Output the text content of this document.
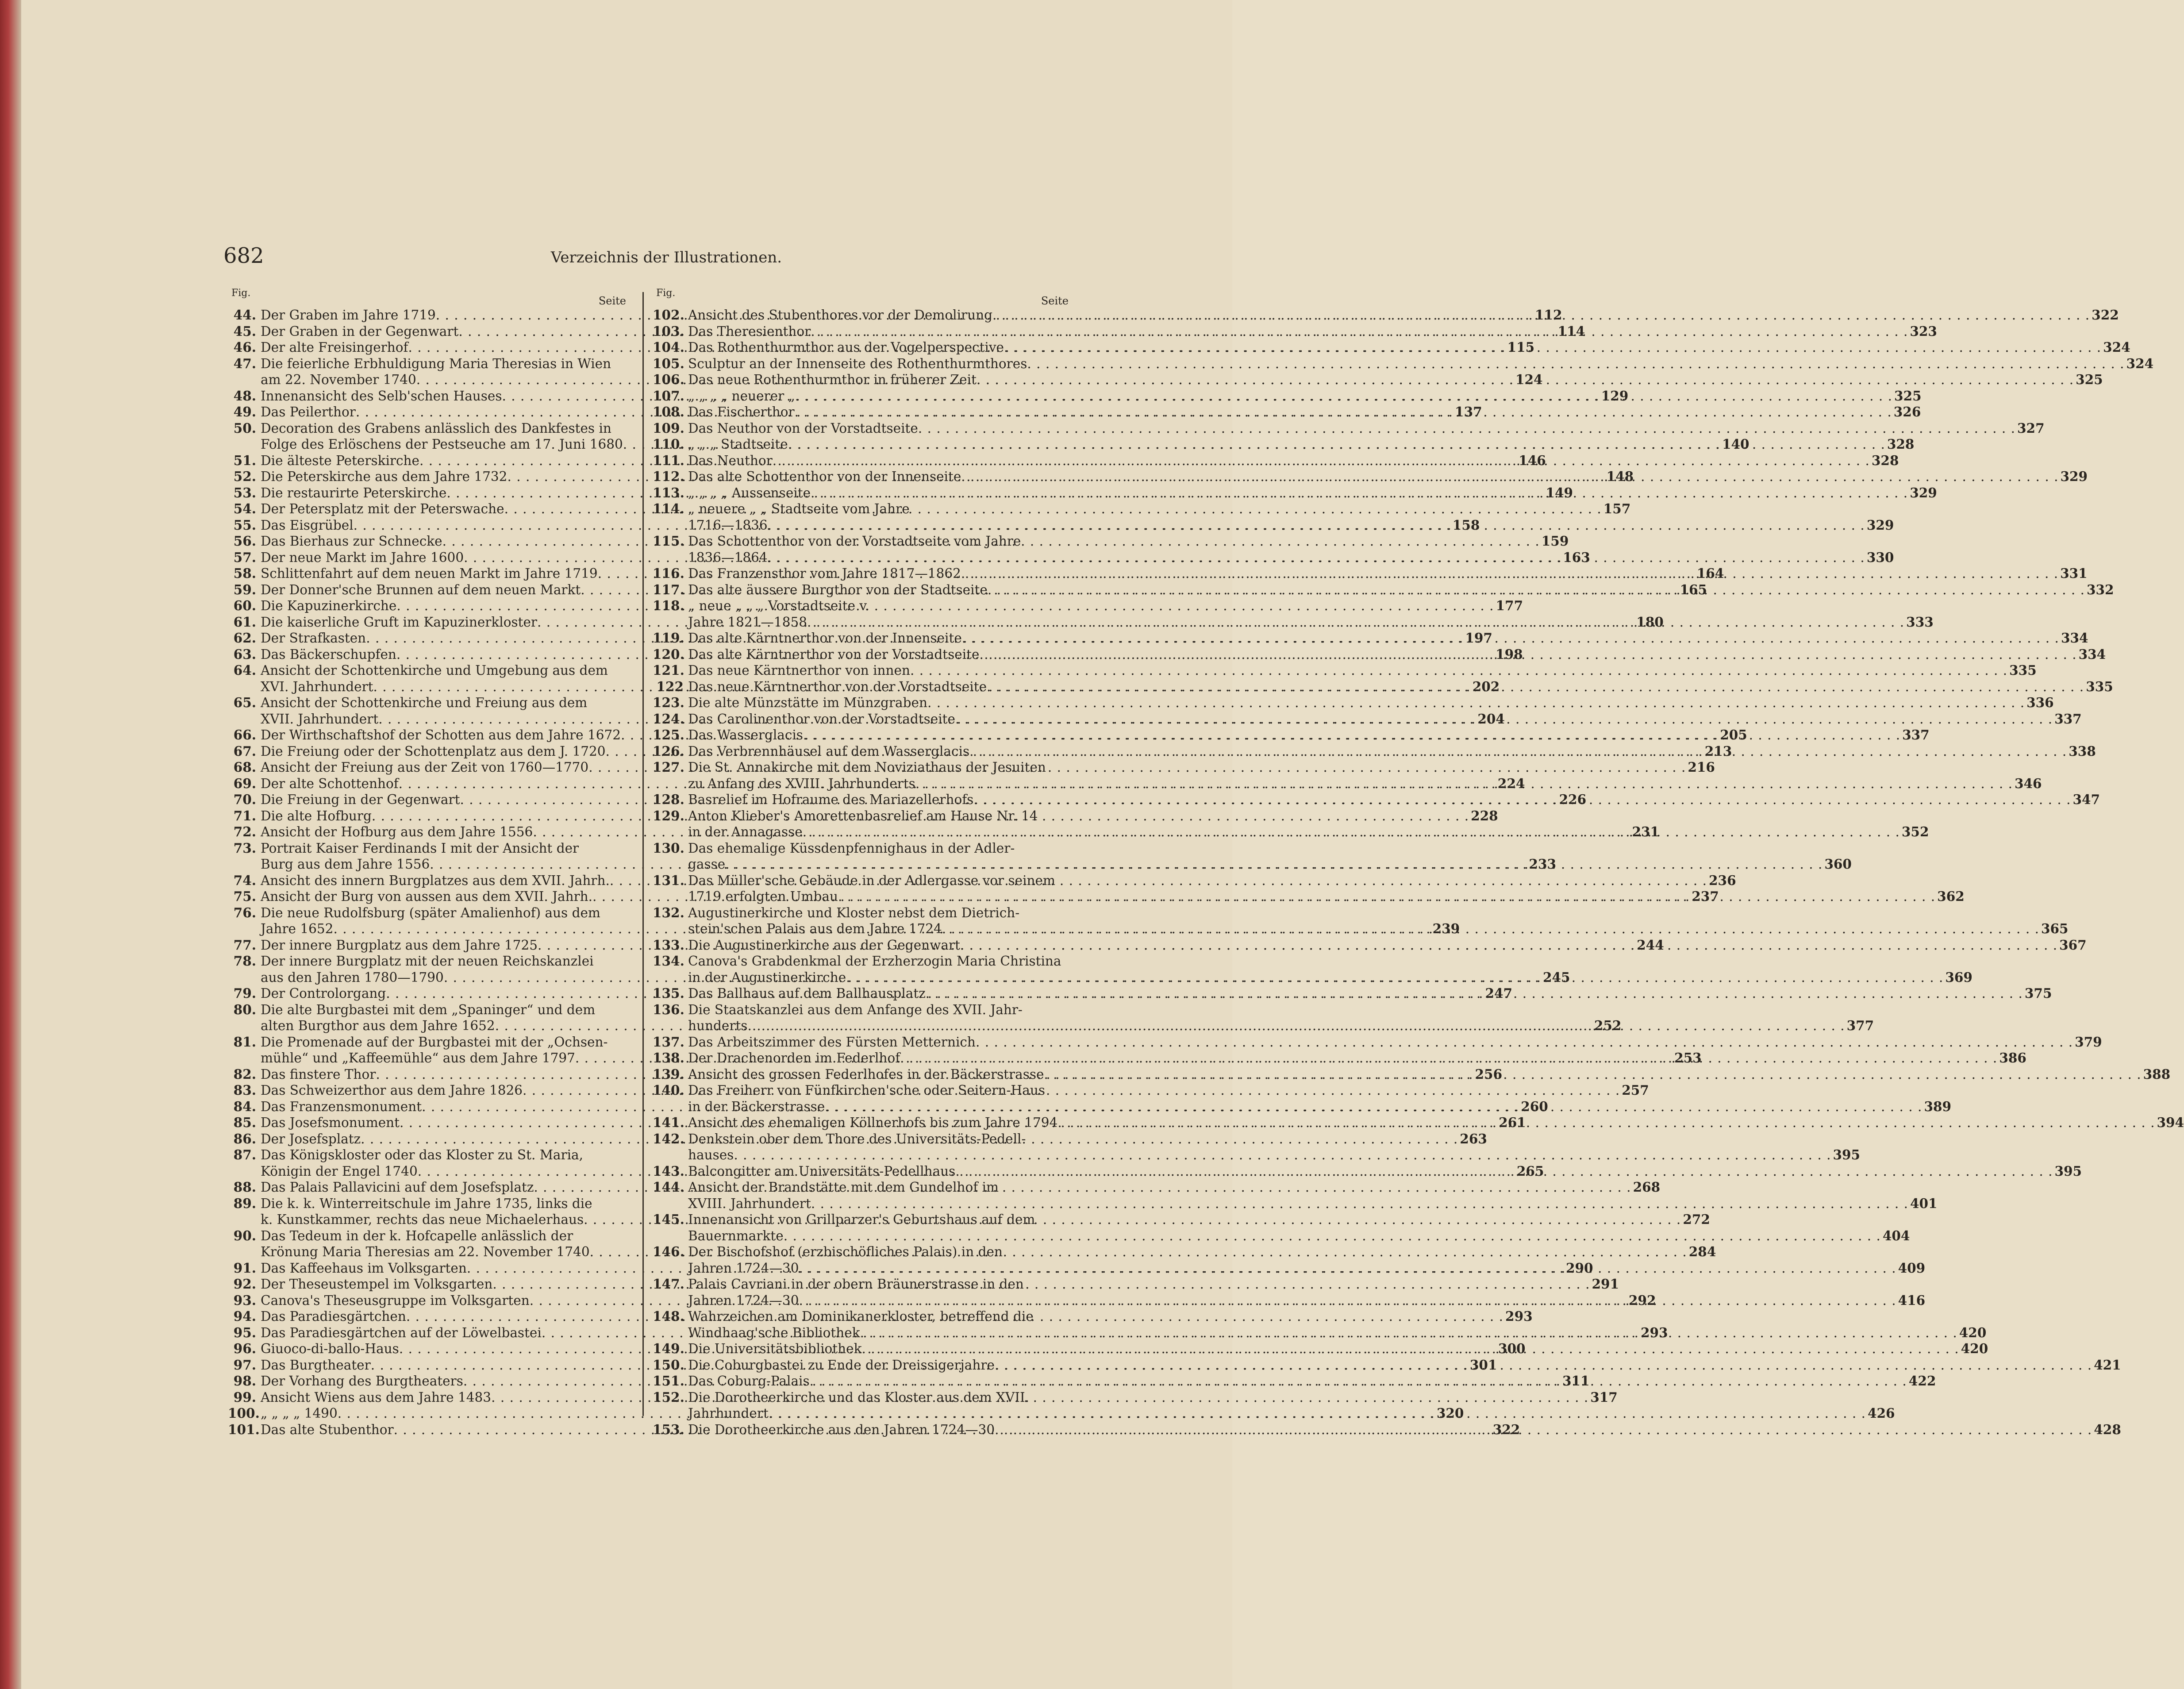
682	Verzeichnis der Illustrationen.
Fig.
Seite
44. Der Graben im Jahre 1719 . . .	112
45. Der Graben in der Gegenwart . . .	114
46. Der alte Freisingerhof . . .	115
47. Die feierliche Erbhuldigung Maria Theresias in Wien
am 22. November 1740 . . .	124
48. Innenansicht des Selb'schen Hauses . . .	129
49. Das Peilerthor . . .	137
50. Decoration des Grabens anlässlich des Dankfestes in
Folge des Erlöschens der Pestseuche am 17. Juni 1680 . . .	140
51. Die älteste Peterskirche . . .	146
52. Die Peterskirche aus dem Jahre 1732 . . .	148
53. Die restaurirte Peterskirche . . .	149
54. Der Petersplatz mit der Peterswache . . .	157
55. Das Eisgrübel . . .	158
56. Das Bierhaus zur Schnecke . . .	159
57. Der neue Markt im Jahre 1600 . . .	163
58. Schlittenfahrt auf dem neuen Markt im Jahre 1719 . . .	164
59. Der Donner'sche Brunnen auf dem neuen Markt . . .	165
60. Die Kapuzinerkirche . . .	177
61. Die kaiserliche Gruft im Kapuzinerkloster . . .	180
62. Der Strafkasten . . .	197
63. Das Bäckerschupfen . . .	198
64. Ansicht der Schottenkirche und Umgebung aus dem
XVI. Jahrhundert . . .	202
65. Ansicht der Schottenkirche und Freiung aus dem
XVII. Jahrhundert . . .	204
66. Der Wirthschaftshof der Schotten aus dem Jahre 1672 . . .	205
67. Die Freiung oder der Schottenplatz aus dem J. 1720 . . .	213
68. Ansicht der Freiung aus der Zeit von 1760—1770 . . .	216
69. Der alte Schottenhof . . .	224
70. Die Freiung in der Gegenwart . . .	226
71. Die alte Hofburg . . .	228
72. Ansicht der Hofburg aus dem Jahre 1556 . . .	231
73. Portrait Kaiser Ferdinands I mit der Ansicht der
Burg aus dem Jahre 1556 . . .	233
74. Ansicht des innern Burgplatzes aus dem XVII. Jahrh. . . .	236
75. Ansicht der Burg von aussen aus dem XVII. Jahrh. . . .	237
76. Die neue Rudolfsburg (später Amalienhof) aus dem
Jahre 1652 . . .	239
77. Der innere Burgplatz aus dem Jahre 1725 . . .	244
78. Der innere Burgplatz mit der neuen Reichskanzlei
aus den Jahren 1780—1790 . . .	245
79. Der Controlorgang . . .	247
80. Die alte Burgbastei mit dem „Spaninger“ und dem
alten Burgthor aus dem Jahre 1652 . . .	252
81. Die Promenade auf der Burgbastei mit der „Ochsen-
mühle“ und „Kaffeemühle“ aus dem Jahre 1797 . . .	253
82. Das finstere Thor . . .	256
83. Das Schweizerthor aus dem Jahre 1826 . . .	257
84. Das Franzensmonument . . .	260
85. Das Josefsmonument . . .	261
86. Der Josefsplatz . . .	263
87. Das Königskloster oder das Kloster zu St. Maria,
Königin der Engel 1740 . . .	265
88. Das Palais Pallavicini auf dem Josefsplatz . . .	268
89. Die k. k. Winterreitschule im Jahre 1735, links die
k. Kunstkammer, rechts das neue Michaelerhaus . . .	272
90. Das Tedeum in der k. Hofcapelle anlässlich der
Krönung Maria Theresias am 22. November 1740 . . .	284
91. Das Kaffeehaus im Volksgarten . . .	290
92. Der Theseustempel im Volksgarten . . .	291
93. Canova's Theseusgruppe im Volksgarten . . .	292
94. Das Paradiesgärtchen . . .	293
95. Das Paradiesgärtchen auf der Löwelbastei . . .	293
96. Giuoco-di-ballo-Haus . . .	300
97. Das Burgtheater . . .	301
98. Der Vorhang des Burgtheaters . . .	311
99. Ansicht Wiens aus dem Jahre 1483 . . .	317
100. „ „ „ „ 1490 . . .	320
101. Das alte Stubenthor . . .	322
Fig.
Seite
102. Ansicht des Stubenthores vor der Demolirung . . .	322
103. Das Theresienthor . . .	323
104. Das Rothenthurmthor aus der Vogelperspective . . .	324
105. Sculptur an der Innenseite des Rothenthurmthores . . .	324
106. Das neue Rothenthurmthor in früherer Zeit . . .	325
107. „ „ „ „ neuerer „ . . .	325
108. Das Fischerthor . . .	326
109. Das Neuthor von der Vorstadtseite . . .	327
110. „ „ „ Stadtseite . . .	328
111. Das Neuthor . . .	328
112. Das alte Schottenthor von der Innenseite . . .	329
113. „ „ „ „ Aussenseite . . .	329
114. „ neuere „ „ Stadtseite vom Jahre
1716—1836 . . .	329
115. Das Schottenthor von der Vorstadtseite vom Jahre
1836—1864 . . .	330
116. Das Franzensthor vom Jahre 1817—1862 . . .	331
117. Das alte äussere Burgthor von der Stadtseite . . .	332
118. „ neue „ „ „ Vorstadtseite v.
Jahre 1821—1858 . . .	333
119. Das alte Kärntnerthor von der Innenseite . . .	334
120. Das alte Kärntnerthor von der Vorstadtseite . . .	334
121. Das neue Kärntnerthor von innen . . .	335
122 Das neue Kärntnerthor von der Vorstadtseite . . .	335
123. Die alte Münzstätte im Münzgraben . . .	336
124. Das Carolinenthor von der Vorstadtseite . . .	337
125. Das Wasserglacis . . .	337
126. Das Verbrennhäusel auf dem Wasserglacis . . .	338
127. Die St. Annakirche mit dem Noviziathaus der Jesuiten
zu Anfang des XVIII. Jahrhunderts . . .	346
128. Basrelief im Hofraume des Mariazellerhofs . . .	347
129. Anton Klieber's Amorettenbasrelief am Hause Nr. 14
in der Annagasse . . .	352
130. Das ehemalige Küssdenpfennighaus in der Adler-
gasse . . .	360
131. Das Müller'sche Gebäude in der Adlergasse vor seinem
1719 erfolgten Umbau . . .	362
132. Augustinerkirche und Kloster nebst dem Dietrich-
stein'schen Palais aus dem Jahre 1724 . . .	365
133. Die Augustinerkirche aus der Gegenwart . . .	367
134. Canova's Grabdenkmal der Erzherzogin Maria Christina
in der Augustinerkirche . . .	369
135. Das Ballhaus auf dem Ballhausplatz . . .	375
136. Die Staatskanzlei aus dem Anfange des XVII. Jahr-
hunderts . . .	377
137. Das Arbeitszimmer des Fürsten Metternich . . .	379
138. Der Drachenorden im Federlhof . . .	386
139. Ansicht des grossen Federlhofes in der Bäckerstrasse . . .	388
140. Das Freiherr von Fünfkirchen'sche oder Seitern-Haus
in der Bäckerstrasse . . .	389
141. Ansicht des ehemaligen Köllnerhofs bis zum Jahre 1794 . . .	394
142. Denkstein ober dem Thore des Universitäts-Pedell-
hauses . . .	395
143. Balcongitter am Universitäts-Pedellhaus . . .	395
144. Ansicht der Brandstätte mit dem Gundelhof im
XVIII. Jahrhundert . . .	401
145. Innenansicht von Grillparzer's Geburtshaus auf dem
Bauernmarkte . . .	404
146. Der Bischofshof (erzbischöfliches Palais) in den
Jahren 1724—30 . . .	409
147. Palais Cavriani in der obern Bräunerstrasse in den
Jahren 1724—30 . . .	416
148. Wahrzeichen am Dominikanerkloster, betreffend die
Windhaag'sche Bibliothek . . .	420
149. Die Universitätsbibliothek . . .	420
150. Die Coburgbastei zu Ende der Dreissigerjahre . . .	421
151. Das Coburg-Palais . . .	422
152. Die Dorotheerkirche und das Kloster aus dem XVII.
Jahrhundert . . .	426
153. Die Dorotheerkirche aus den Jahren 1724—30 . . .	428
